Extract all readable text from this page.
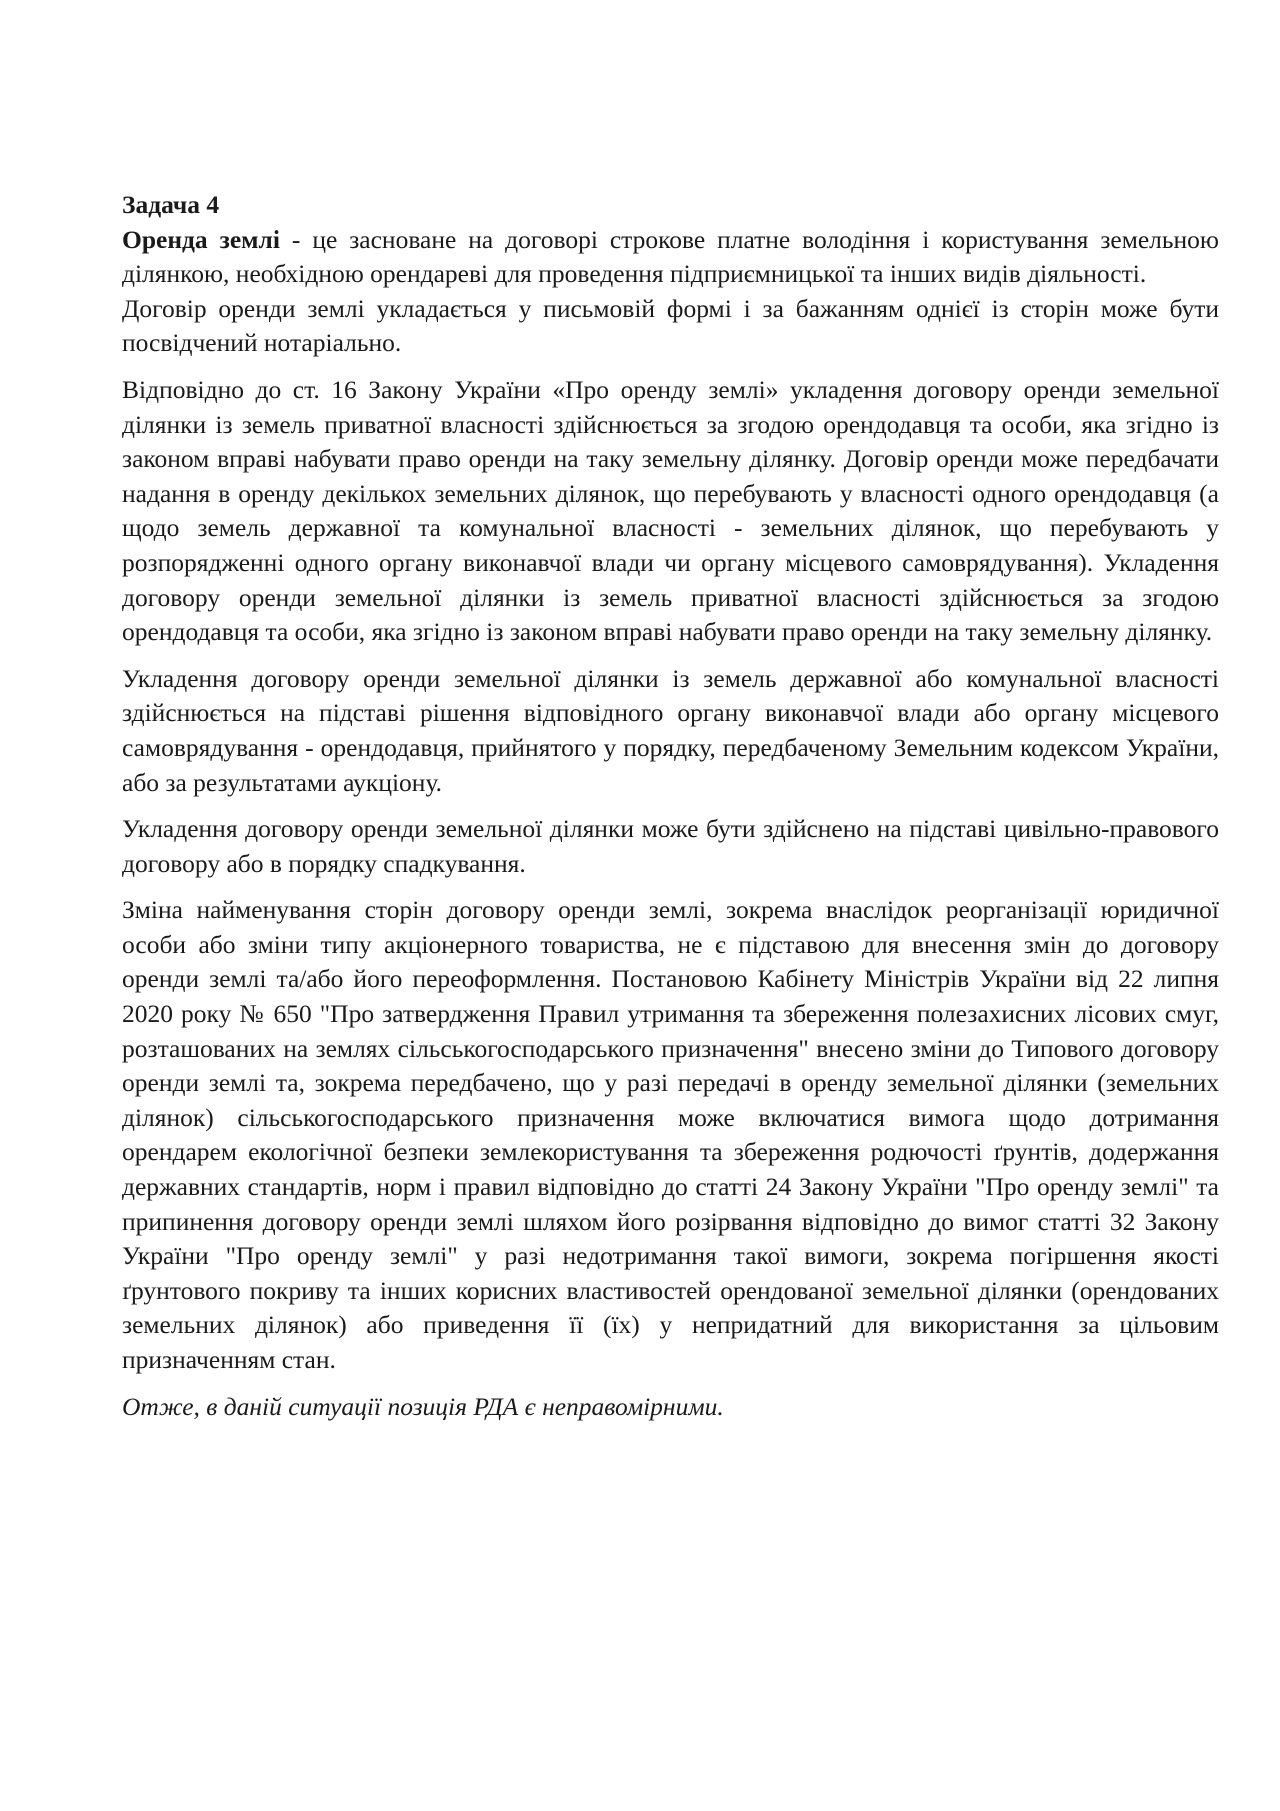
Задача 4

Оренда землі - це засноване на договорі строкове платне володіння і користування земельною ділянкою, необхідною орендареві для проведення підприємницької та інших видів діяльності.

Договір оренди землі укладається у письмовій формі і за бажанням однієї із сторін може бути посвідчений нотаріально.

Відповідно до ст. 16 Закону України «Про оренду землі» укладення договору оренди земельної ділянки із земель приватної власності здійснюється за згодою орендодавця та особи, яка згідно із законом вправі набувати право оренди на таку земельну ділянку. Договір оренди може передбачати надання в оренду декількох земельних ділянок, що перебувають у власності одного орендодавця (а щодо земель державної та комунальної власності - земельних ділянок, що перебувають у розпорядженні одного органу виконавчої влади чи органу місцевого самоврядування). Укладення договору оренди земельної ділянки із земель приватної власності здійснюється за згодою орендодавця та особи, яка згідно із законом вправі набувати право оренди на таку земельну ділянку.

Укладення договору оренди земельної ділянки із земель державної або комунальної власності здійснюється на підставі рішення відповідного органу виконавчої влади або органу місцевого самоврядування - орендодавця, прийнятого у порядку, передбаченому Земельним кодексом України, або за результатами аукціону.

Укладення договору оренди земельної ділянки може бути здійснено на підставі цивільно-правового договору або в порядку спадкування.

Зміна найменування сторін договору оренди землі, зокрема внаслідок реорганізації юридичної особи або зміни типу акціонерного товариства, не є підставою для внесення змін до договору оренди землі та/або його переоформлення. Постановою Кабінету Міністрів України від 22 липня 2020 року № 650 "Про затвердження Правил утримання та збереження полезахисних лісових смуг, розташованих на землях сільськогосподарського призначення" внесено зміни до Типового договору оренди землі та, зокрема передбачено, що у разі передачі в оренду земельної ділянки (земельних ділянок) сільськогосподарського призначення може включатися вимога щодо дотримання орендарем екологічної безпеки землекористування та збереження родючості ґрунтів, додержання державних стандартів, норм і правил відповідно до статті 24 Закону України "Про оренду землі" та припинення договору оренди землі шляхом його розірвання відповідно до вимог статті 32 Закону України "Про оренду землі" у разі недотримання такої вимоги, зокрема погіршення якості ґрунтового покриву та інших корисних властивостей орендованої земельної ділянки (орендованих земельних ділянок) або приведення її (їх) у непридатний для використання за цільовим призначенням стан.

Отже, в даній ситуації позиція РДА є неправомірними.
